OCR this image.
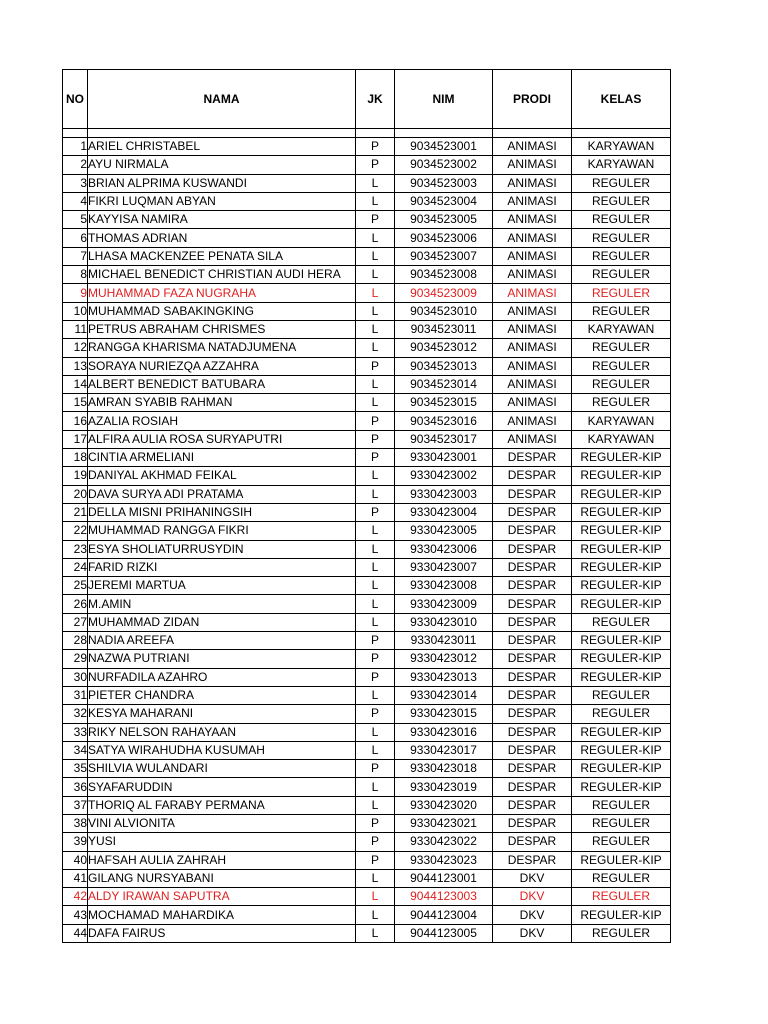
NO	NAMA	JK	NIM	PRODI	KELAS

1	ARIEL CHRISTABEL	P	9034523001	ANIMASI	KARYAWAN
2	AYU NIRMALA	P	9034523002	ANIMASI	KARYAWAN
3	BRIAN ALPRIMA KUSWANDI	L	9034523003	ANIMASI	REGULER
4	FIKRI LUQMAN ABYAN	L	9034523004	ANIMASI	REGULER
5	KAYYISA NAMIRA	P	9034523005	ANIMASI	REGULER
6	THOMAS ADRIAN	L	9034523006	ANIMASI	REGULER
7	LHASA MACKENZEE PENATA SILA	L	9034523007	ANIMASI	REGULER
8	MICHAEL BENEDICT CHRISTIAN AUDI HERA	L	9034523008	ANIMASI	REGULER
9	MUHAMMAD FAZA NUGRAHA	L	9034523009	ANIMASI	REGULER
10	MUHAMMAD SABAKINGKING	L	9034523010	ANIMASI	REGULER
11	PETRUS ABRAHAM CHRISMES	L	9034523011	ANIMASI	KARYAWAN
12	RANGGA KHARISMA NATADJUMENA	L	9034523012	ANIMASI	REGULER
13	SORAYA NURIEZQA AZZAHRA	P	9034523013	ANIMASI	REGULER
14	ALBERT BENEDICT BATUBARA	L	9034523014	ANIMASI	REGULER
15	AMRAN SYABIB RAHMAN	L	9034523015	ANIMASI	REGULER
16	AZALIA ROSIAH	P	9034523016	ANIMASI	KARYAWAN
17	ALFIRA AULIA ROSA SURYAPUTRI	P	9034523017	ANIMASI	KARYAWAN
18	CINTIA ARMELIANI	P	9330423001	DESPAR	REGULER-KIP
19	DANIYAL AKHMAD FEIKAL	L	9330423002	DESPAR	REGULER-KIP
20	DAVA SURYA ADI PRATAMA	L	9330423003	DESPAR	REGULER-KIP
21	DELLA MISNI PRIHANINGSIH	P	9330423004	DESPAR	REGULER-KIP
22	MUHAMMAD RANGGA FIKRI	L	9330423005	DESPAR	REGULER-KIP
23	ESYA SHOLIATURRUSYDIN	L	9330423006	DESPAR	REGULER-KIP
24	FARID RIZKI	L	9330423007	DESPAR	REGULER-KIP
25	JEREMI MARTUA	L	9330423008	DESPAR	REGULER-KIP
26	M.AMIN	L	9330423009	DESPAR	REGULER-KIP
27	MUHAMMAD ZIDAN	L	9330423010	DESPAR	REGULER
28	NADIA AREEFA	P	9330423011	DESPAR	REGULER-KIP
29	NAZWA PUTRIANI	P	9330423012	DESPAR	REGULER-KIP
30	NURFADILA AZAHRO	P	9330423013	DESPAR	REGULER-KIP
31	PIETER CHANDRA	L	9330423014	DESPAR	REGULER
32	KESYA MAHARANI	P	9330423015	DESPAR	REGULER
33	RIKY NELSON RAHAYAAN	L	9330423016	DESPAR	REGULER-KIP
34	SATYA WIRAHUDHA KUSUMAH	L	9330423017	DESPAR	REGULER-KIP
35	SHILVIA WULANDARI	P	9330423018	DESPAR	REGULER-KIP
36	SYAFARUDDIN	L	9330423019	DESPAR	REGULER-KIP
37	THORIQ AL FARABY PERMANA	L	9330423020	DESPAR	REGULER
38	VINI ALVIONITA	P	9330423021	DESPAR	REGULER
39	YUSI	P	9330423022	DESPAR	REGULER
40	HAFSAH AULIA ZAHRAH	P	9330423023	DESPAR	REGULER-KIP
41	GILANG NURSYABANI	L	9044123001	DKV	REGULER
42	ALDY IRAWAN SAPUTRA	L	9044123003	DKV	REGULER
43	MOCHAMAD MAHARDIKA	L	9044123004	DKV	REGULER-KIP
44	DAFA FAIRUS	L	9044123005	DKV	REGULER
